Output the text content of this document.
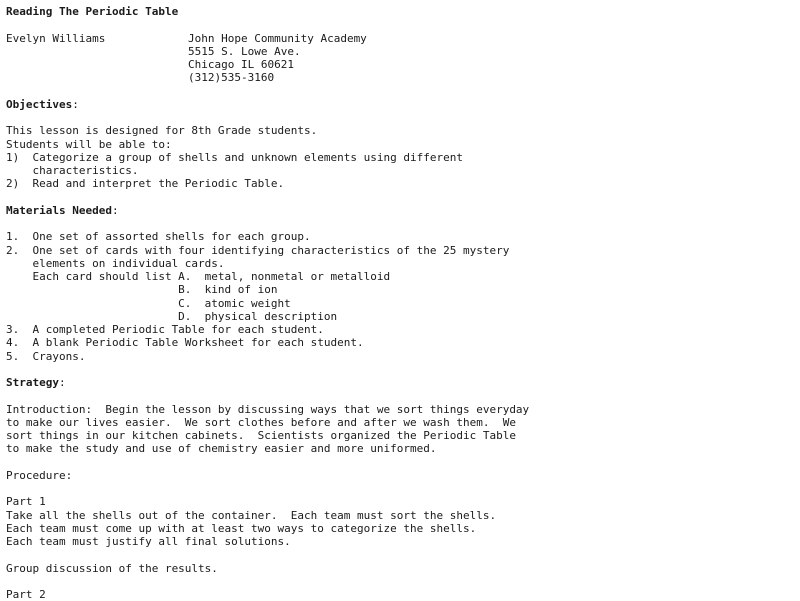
Reading The Periodic Table
Evelyn Williams	John Hope Community Academy
5515 S. Lowe Ave.
Chicago IL 60621
(312)535-3160
Objectives:
This lesson is designed for 8th Grade students.
Students will be able to:
1)  Categorize a group of shells and unknown elements using different
characteristics.
2)  Read and interpret the Periodic Table.
Materials Needed:
1.  One set of assorted shells for each group.
2.  One set of cards with four identifying characteristics of the 25 mystery
elements on individual cards.
Each card should list A.  metal, nonmetal or metalloid
B.  kind of ion
C.  atomic weight
D.  physical description
3.  A completed Periodic Table for each student.
4.  A blank Periodic Table Worksheet for each student.
5.  Crayons.
Strategy:
Introduction:  Begin the lesson by discussing ways that we sort things everyday
to make our lives easier.  We sort clothes before and after we wash them.  We
sort things in our kitchen cabinets.  Scientists organized the Periodic Table
to make the study and use of chemistry easier and more uniformed.
Procedure:
Part 1
Take all the shells out of the container.  Each team must sort the shells.
Each team must come up with at least two ways to categorize the shells.
Each team must justify all final solutions.
Group discussion of the results.
Part 2
